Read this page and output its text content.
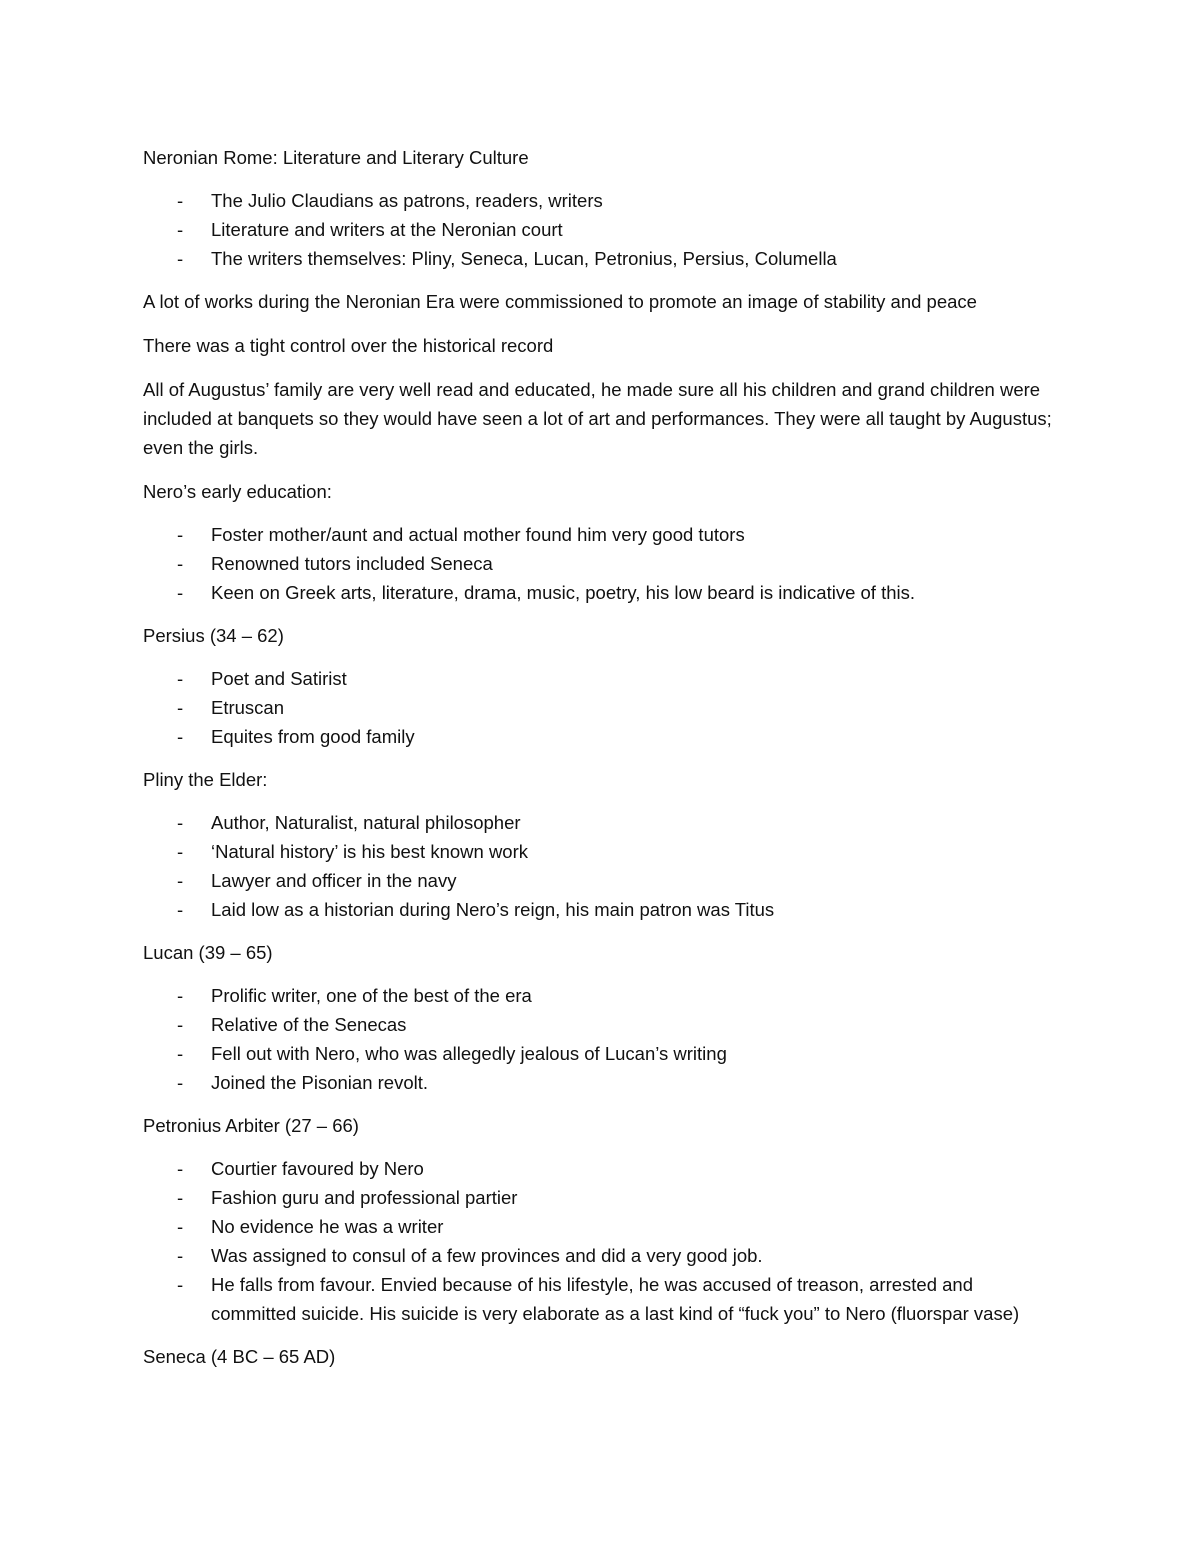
Neronian Rome: Literature and Literary Culture

- The Julio Claudians as patrons, readers, writers
- Literature and writers at the Neronian court
- The writers themselves: Pliny, Seneca, Lucan, Petronius, Persius, Columella

A lot of works during the Neronian Era were commissioned to promote an image of stability and peace

There was a tight control over the historical record

All of Augustus’ family are very well read and educated, he made sure all his children and grand children were included at banquets so they would have seen a lot of art and performances. They were all taught by Augustus; even the girls.

Nero’s early education:

- Foster mother/aunt and actual mother found him very good tutors
- Renowned tutors included Seneca
- Keen on Greek arts, literature, drama, music, poetry, his low beard is indicative of this.

Persius (34 – 62)

- Poet and Satirist
- Etruscan
- Equites from good family

Pliny the Elder:

- Author, Naturalist, natural philosopher
- ‘Natural history’ is his best known work
- Lawyer and officer in the navy
- Laid low as a historian during Nero’s reign, his main patron was Titus

Lucan (39 – 65)

- Prolific writer, one of the best of the era
- Relative of the Senecas
- Fell out with Nero, who was allegedly jealous of Lucan’s writing
- Joined the Pisonian revolt.

Petronius Arbiter (27 – 66)

- Courtier favoured by Nero
- Fashion guru and professional partier
- No evidence he was a writer
- Was assigned to consul of a few provinces and did a very good job.
- He falls from favour. Envied because of his lifestyle, he was accused of treason, arrested and committed suicide. His suicide is very elaborate as a last kind of “fuck you” to Nero (fluorspar vase)

Seneca (4 BC – 65 AD)
